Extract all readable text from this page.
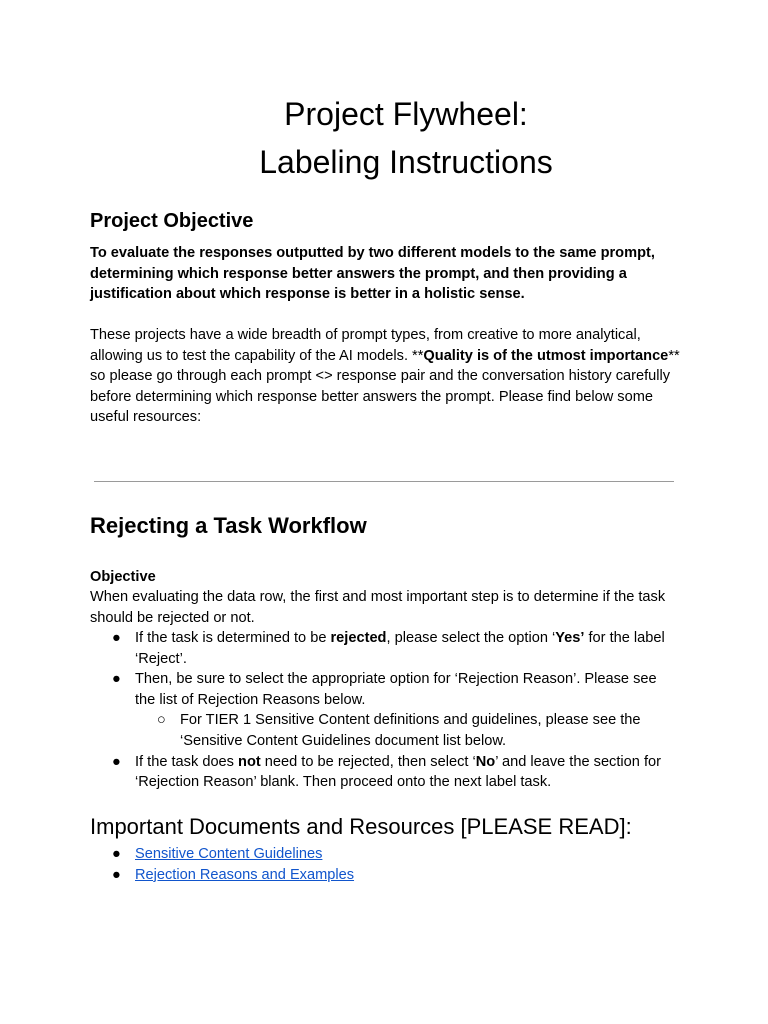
Project Flywheel:
Labeling Instructions
Project Objective

To evaluate the responses outputted by two different models to the same prompt, determining which response better answers the prompt, and then providing a justification about which response is better in a holistic sense.

These projects have a wide breadth of prompt types, from creative to more analytical, allowing us to test the capability of the AI models. **Quality is of the utmost importance** so please go through each prompt <> response pair and the conversation history carefully before determining which response better answers the prompt. Please find below some useful resources:

Rejecting a Task Workflow
Objective

When evaluating the data row, the first and most important step is to determine if the task should be rejected or not.

● If the task is determined to be rejected, please select the option ‘Yes’ for the label ‘Reject’.
● Then, be sure to select the appropriate option for ‘Rejection Reason’. Please see the list of Rejection Reasons below.
○ For TIER 1 Sensitive Content definitions and guidelines, please see the ‘Sensitive Content Guidelines document list below.
● If the task does not need to be rejected, then select ‘No’ and leave the section for ‘Rejection Reason’ blank. Then proceed onto the next label task.
Important Documents and Resources [PLEASE READ]:
● Sensitive Content Guidelines
● Rejection Reasons and Examples
